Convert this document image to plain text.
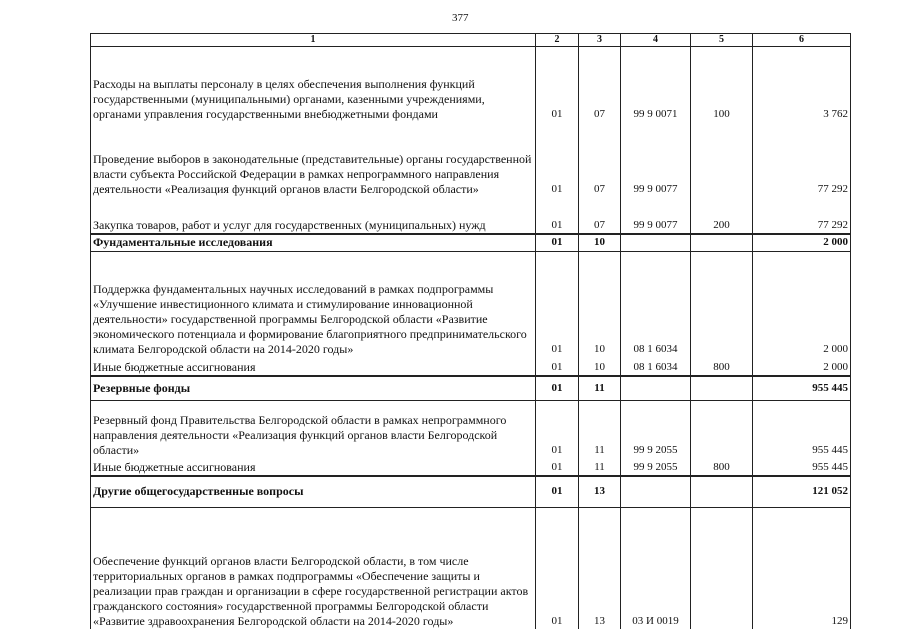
377
1	2	3	4	5	6
Расходы на выплаты персоналу в целях обеспечения выполнения функций государственными (муниципальными) органами, казенными учреждениями, органами управления государственными внебюджетными фондами	01	07	99 9 0071	100	3 762
Проведение выборов в законодательные (представительные) органы государственной власти субъекта Российской Федерации в рамках непрограммного направления деятельности «Реализация функций органов власти Белгородской области»	01	07	99 9 0077		77 292
Закупка товаров, работ и услуг для государственных (муниципальных) нужд	01	07	99 9 0077	200	77 292
Фундаментальные исследования	01	10			2 000
Поддержка фундаментальных научных исследований в рамках подпрограммы «Улучшение инвестиционного климата и стимулирование инновационной деятельности» государственной программы Белгородской области «Развитие экономического потенциала и формирование благоприятного предпринимательского климата Белгородской области на 2014-2020 годы»	01	10	08 1 6034		2 000
Иные бюджетные ассигнования	01	10	08 1 6034	800	2 000
Резервные фонды	01	11			955 445
Резервный фонд Правительства Белгородской области в рамках непрограммного направления деятельности «Реализация функций органов власти Белгородской области»	01	11	99 9 2055		955 445
Иные бюджетные ассигнования	01	11	99 9 2055	800	955 445
Другие общегосударственные вопросы	01	13			121 052
Обеспечение функций органов власти Белгородской области, в том числе территориальных органов в рамках подпрограммы «Обеспечение защиты и реализации прав граждан и организации в сфере государственной регистрации актов гражданского состояния» государственной программы Белгородской области «Развитие здравоохранения Белгородской области на 2014-2020 годы»	01	13	03 И 0019		129
